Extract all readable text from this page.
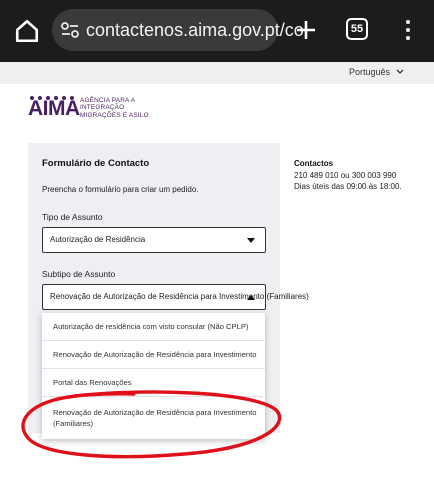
contactenos.aima.gov.pt/co	55
Português
AIMA AGÊNCIA PARA A
INTEGRAÇÃO
MIGRAÇÕES E ASILO
Formulário de Contacto
Preencha o formulário para criar um pedido.
Tipo de Assunto
Autorização de Residência
Subtipo de Assunto
Renovação de Autorização de Residência para Investimento (Familiares)
Autorização de residência com visto consular (Não CPLP)
Renovação de Autorização de Residência para Investimento
Portal das Renovações
Renovação de Autorização de Residência para Investimento (Familiares)
Contactos
210 489 010 ou 300 003 990
Dias úteis das 09:00 às 18:00.
